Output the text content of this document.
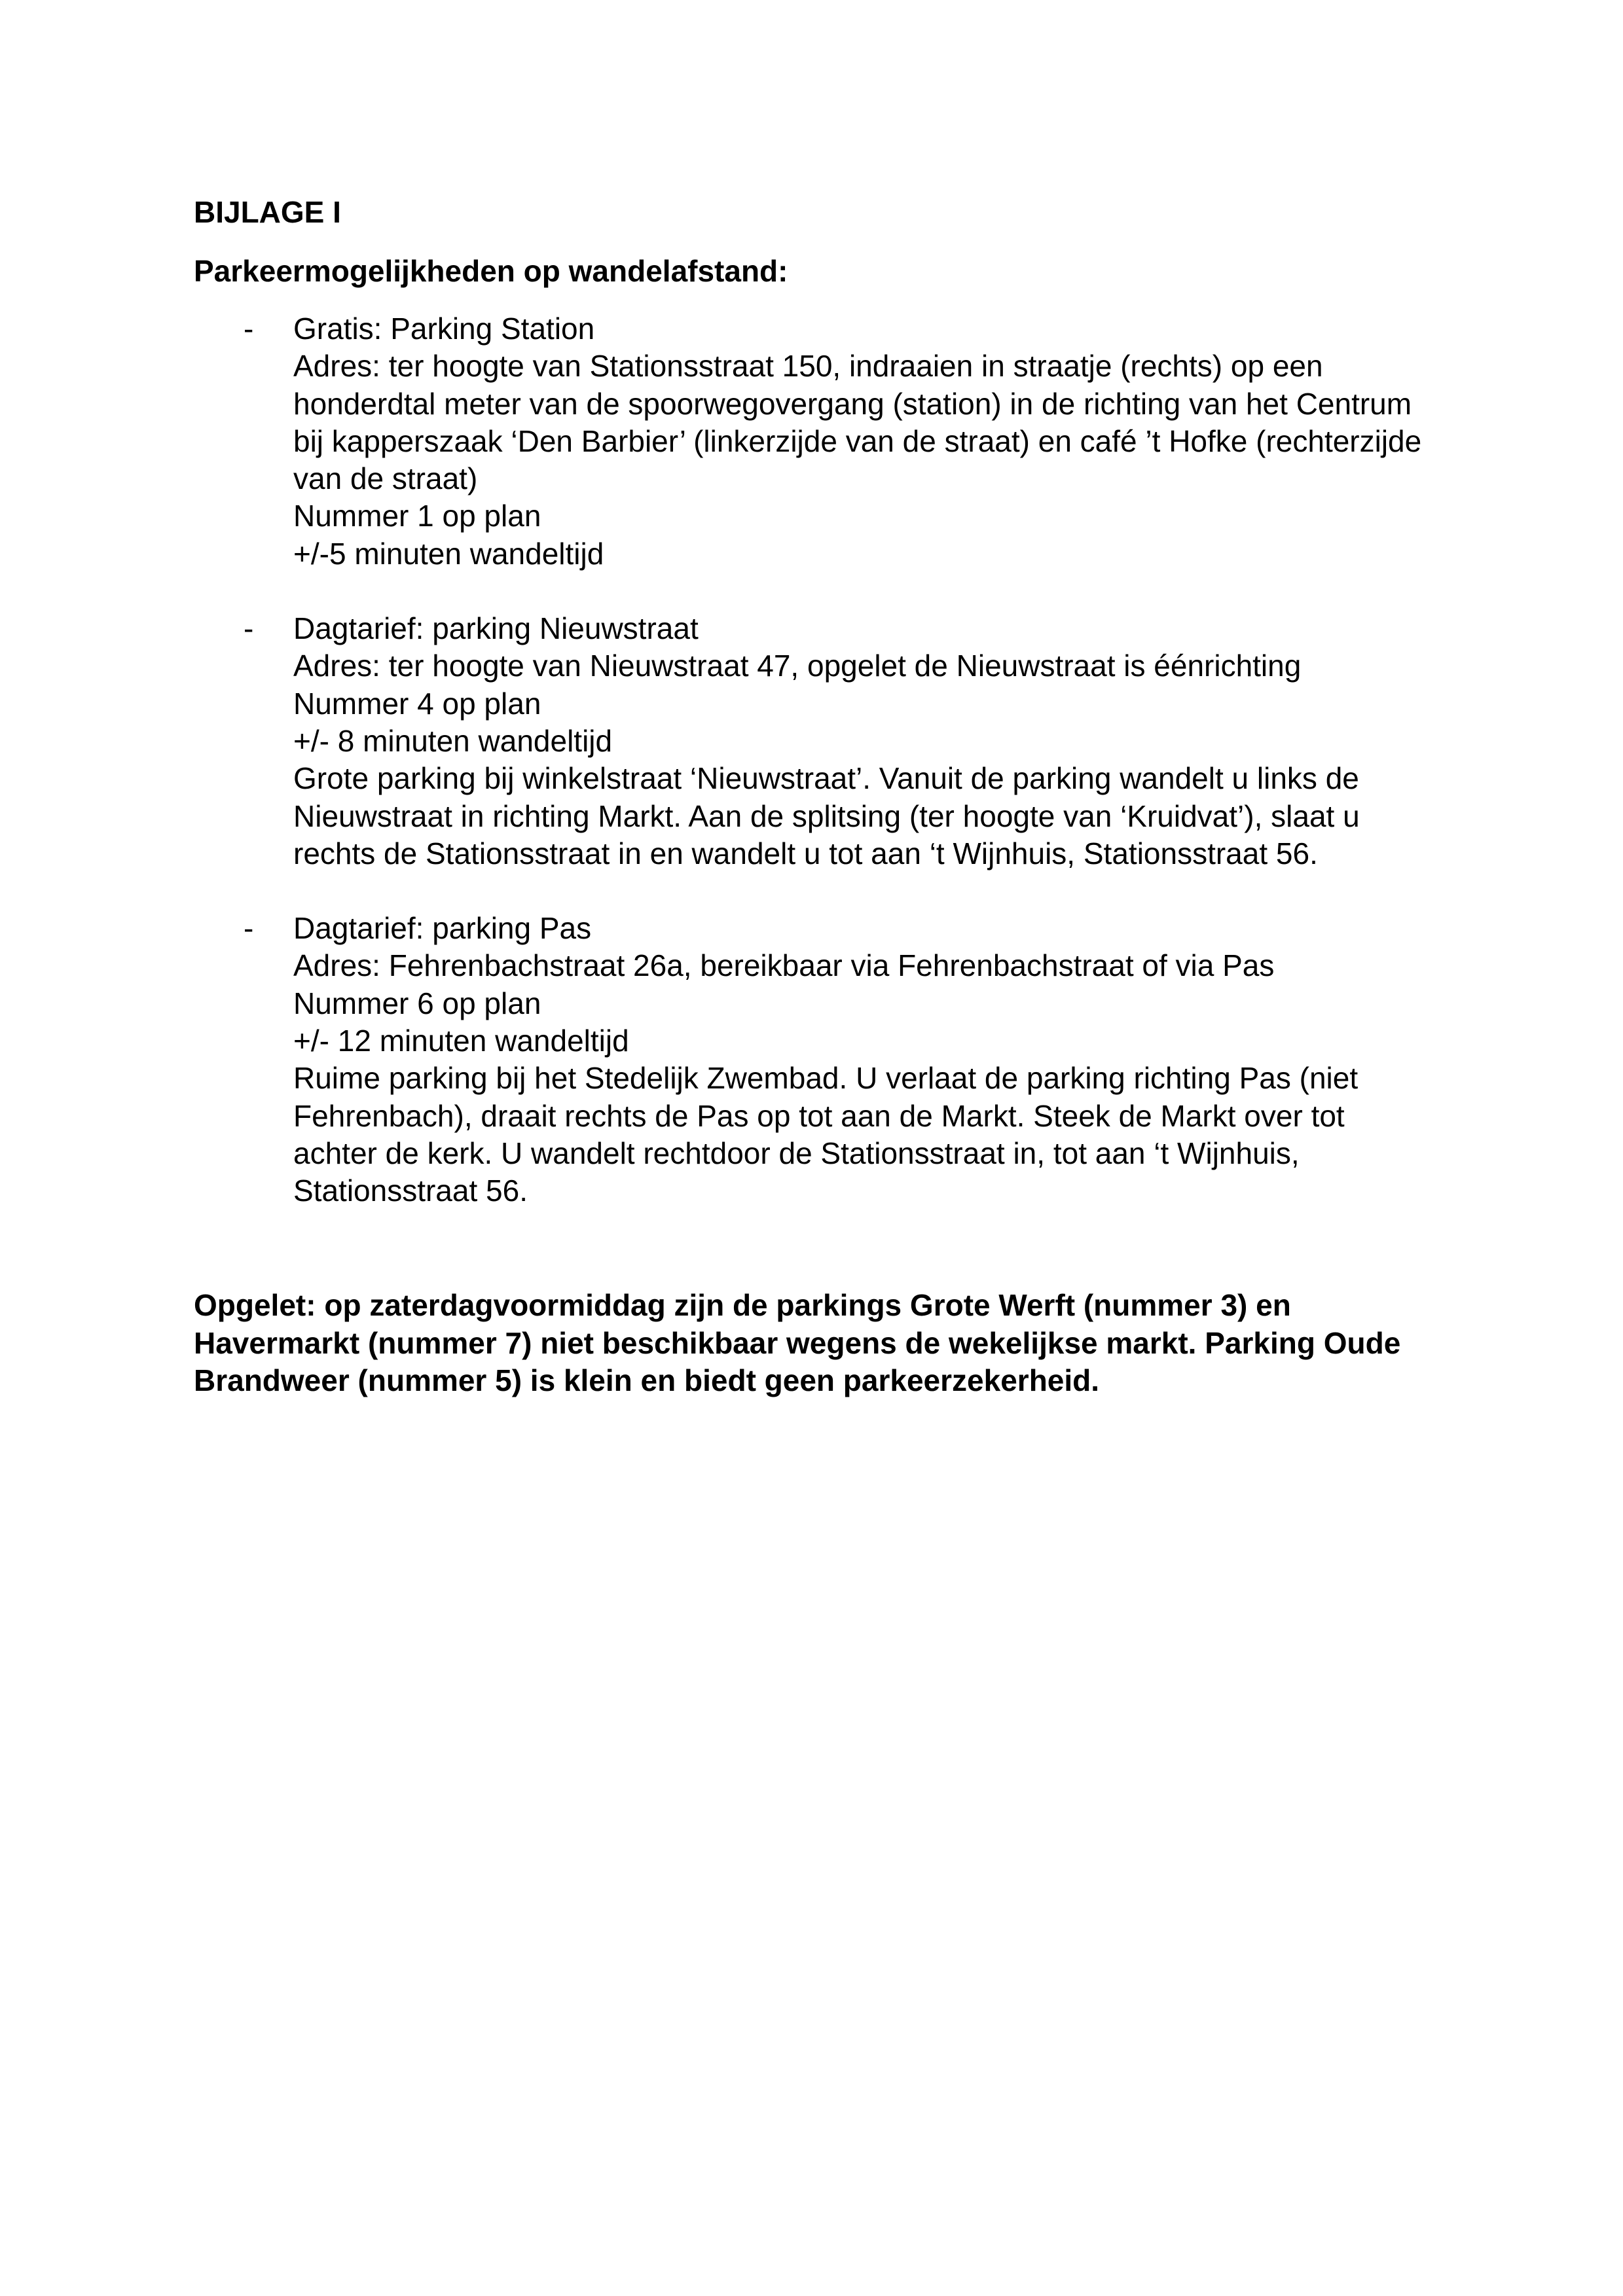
BIJLAGE I
Parkeermogelijkheden op wandelafstand:
- Gratis: Parking Station
Adres: ter hoogte van Stationsstraat 150, indraaien in straatje (rechts) op een
honderdtal meter van de spoorwegovergang (station) in de richting van het Centrum
bij kapperszaak ‘Den Barbier’ (linkerzijde van de straat) en café ’t Hofke (rechterzijde
van de straat)
Nummer 1 op plan
+/-5 minuten wandeltijd
- Dagtarief: parking Nieuwstraat
Adres: ter hoogte van Nieuwstraat 47, opgelet de Nieuwstraat is éénrichting
Nummer 4 op plan
+/- 8 minuten wandeltijd
Grote parking bij winkelstraat ‘Nieuwstraat’. Vanuit de parking wandelt u links de
Nieuwstraat in richting Markt. Aan de splitsing (ter hoogte van ‘Kruidvat’), slaat u
rechts de Stationsstraat in en wandelt u tot aan ‘t Wijnhuis, Stationsstraat 56.
- Dagtarief: parking Pas
Adres: Fehrenbachstraat 26a, bereikbaar via Fehrenbachstraat of via Pas
Nummer 6 op plan
+/- 12 minuten wandeltijd
Ruime parking bij het Stedelijk Zwembad. U verlaat de parking richting Pas (niet
Fehrenbach), draait rechts de Pas op tot aan de Markt. Steek de Markt over tot
achter de kerk. U wandelt rechtdoor de Stationsstraat in, tot aan ‘t Wijnhuis,
Stationsstraat 56.

Opgelet: op zaterdagvoormiddag zijn de parkings Grote Werft (nummer 3) en
Havermarkt (nummer 7) niet beschikbaar wegens de wekelijkse markt. Parking Oude
Brandweer (nummer 5) is klein en biedt geen parkeerzekerheid.
